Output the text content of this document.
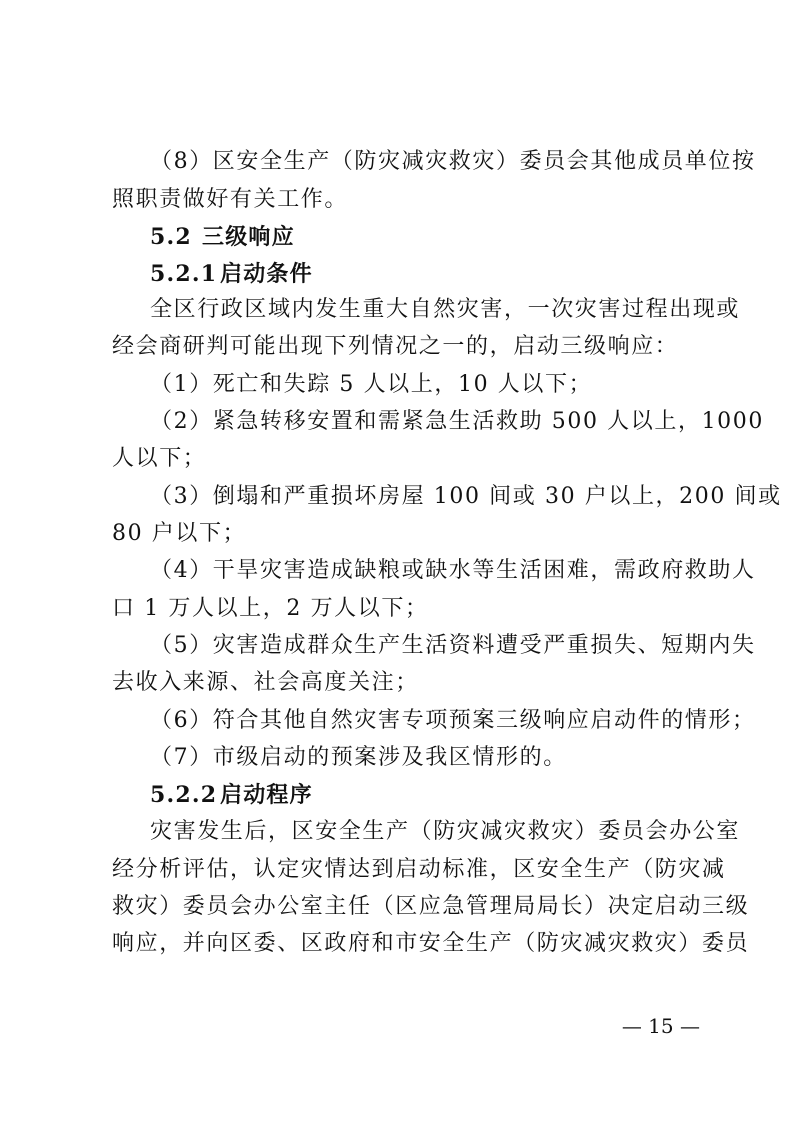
（8）区安全生产（防灾减灾救灾）委员会其他成员单位按
照职责做好有关工作。
5.2 三级响应
5.2.1 启动条件
全区行政区域内发生重大自然灾害，一次灾害过程出现或
经会商研判可能出现下列情况之一的，启动三级响应：
（1）死亡和失踪 5 人以上，10 人以下；
（2）紧急转移安置和需紧急生活救助 500 人以上，1000
人以下；
（3）倒塌和严重损坏房屋 100 间或 30 户以上，200 间或
80 户以下；
（4）干旱灾害造成缺粮或缺水等生活困难，需政府救助人
口 1 万人以上，2 万人以下；
（5）灾害造成群众生产生活资料遭受严重损失、短期内失
去收入来源、社会高度关注；
（6）符合其他自然灾害专项预案三级响应启动件的情形；
（7）市级启动的预案涉及我区情形的。
5.2.2 启动程序
灾害发生后，区安全生产（防灾减灾救灾）委员会办公室
经分析评估，认定灾情达到启动标准，区安全生产（防灾减
救灾）委员会办公室主任（区应急管理局局长）决定启动三级
响应，并向区委、区政府和市安全生产（防灾减灾救灾）委员
— 15 —
